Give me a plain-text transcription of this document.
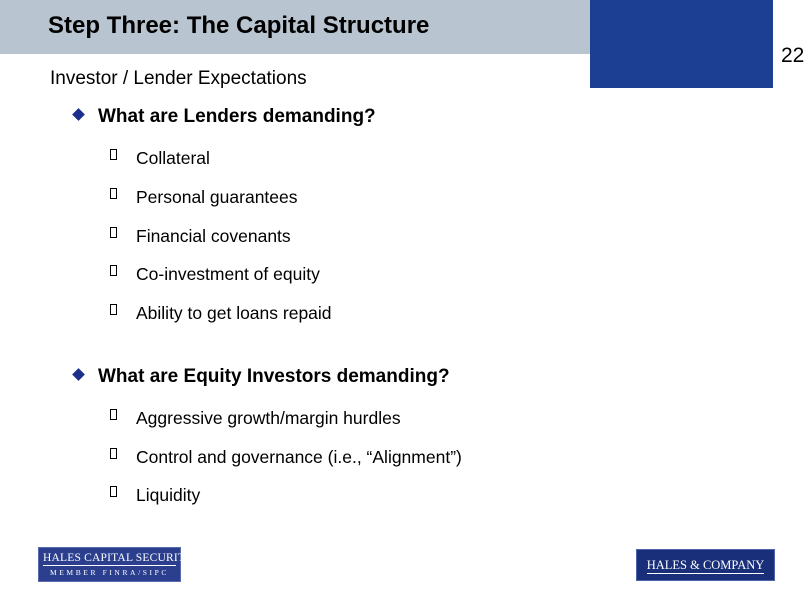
Step Three: The Capital Structure
22
Investor / Lender Expectations
What are Lenders demanding?
Collateral
Personal guarantees
Financial covenants
Co-investment of equity
Ability to get loans repaid
What are Equity Investors demanding?
Aggressive growth/margin hurdles
Control and governance (i.e., “Alignment”)
Liquidity
HALES CAPITAL SECURITIES
MEMBER FINRA/SIPC
HALES & COMPANY
